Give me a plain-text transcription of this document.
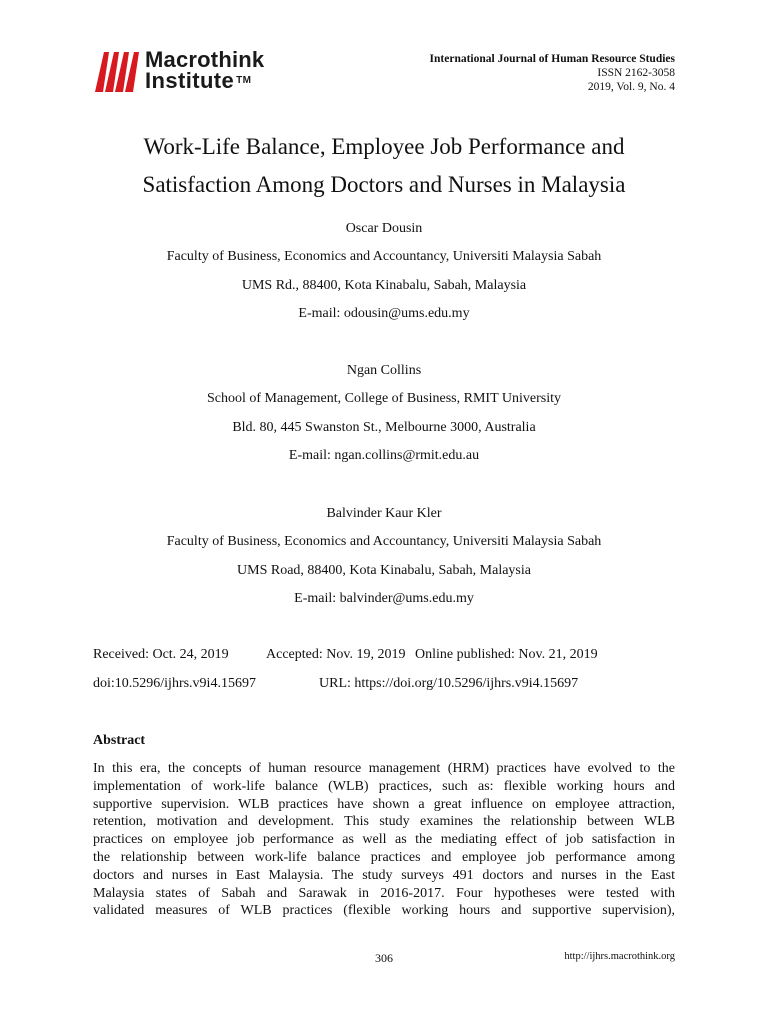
Macrothink
Institute ™
International Journal of Human Resource Studies
ISSN 2162-3058
2019, Vol. 9, No. 4
Work-Life Balance, Employee Job Performance and
Satisfaction Among Doctors and Nurses in Malaysia
Oscar Dousin
Faculty of Business, Economics and Accountancy, Universiti Malaysia Sabah
UMS Rd., 88400, Kota Kinabalu, Sabah, Malaysia
E-mail: odousin@ums.edu.my
Ngan Collins
School of Management, College of Business, RMIT University
Bld. 80, 445 Swanston St., Melbourne 3000, Australia
E-mail: ngan.collins@rmit.edu.au
Balvinder Kaur Kler
Faculty of Business, Economics and Accountancy, Universiti Malaysia Sabah
UMS Road, 88400, Kota Kinabalu, Sabah, Malaysia
E-mail: balvinder@ums.edu.my
Received: Oct. 24, 2019	Accepted: Nov. 19, 2019 Online published: Nov. 21, 2019
doi:10.5296/ijhrs.v9i4.15697	URL: https://doi.org/10.5296/ijhrs.v9i4.15697
Abstract
In this era, the concepts of human resource management (HRM) practices have evolved to the
implementation of work-life balance (WLB) practices, such as: flexible working hours and
supportive supervision. WLB practices have shown a great influence on employee attraction,
retention, motivation and development. This study examines the relationship between WLB
practices on employee job performance as well as the mediating effect of job satisfaction in
the relationship between work-life balance practices and employee job performance among
doctors and nurses in East Malaysia. The study surveys 491 doctors and nurses in the East
Malaysia states of Sabah and Sarawak in 2016-2017. Four hypotheses were tested with
validated measures of WLB practices (flexible working hours and supportive supervision),
306	http://ijhrs.macrothink.org
